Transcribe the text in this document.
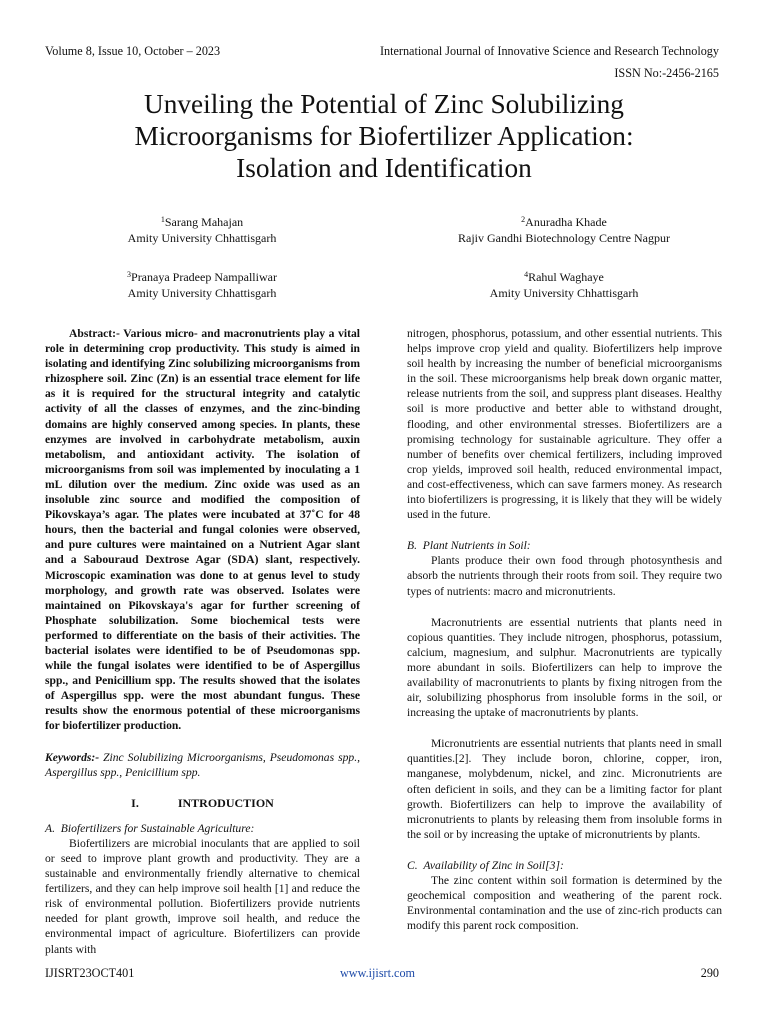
Volume 8, Issue 10, October – 2023	International Journal of Innovative Science and Research Technology
ISSN No:-2456-2165
Unveiling the Potential of Zinc Solubilizing
Microorganisms for Biofertilizer Application:
Isolation and Identification
$^1$Sarang Mahajan
Amity University Chhattisgarh
$^2$Anuradha Khade
Rajiv Gandhi Biotechnology Centre Nagpur
$^3$Pranaya Pradeep Nampalliwar
Amity University Chhattisgarh
$^4$Rahul Waghaye
Amity University Chhattisgarh

Abstract:- Various micro- and macronutrients play a vital role in determining crop productivity. This study is aimed in isolating and identifying Zinc solubilizing microorganisms from rhizosphere soil. Zinc (Zn) is an essential trace element for life as it is required for the structural integrity and catalytic activity of all the classes of enzymes, and the zinc-binding domains are highly conserved among species. In plants, these enzymes are involved in carbohydrate metabolism, auxin metabolism, and antioxidant activity. The isolation of microorganisms from soil was implemented by inoculating a 1 mL dilution over the medium. Zinc oxide was used as an insoluble zinc source and modified the composition of Pikovskaya’s agar. The plates were incubated at 37˚C for 48 hours, then the bacterial and fungal colonies were observed, and pure cultures were maintained on a Nutrient Agar slant and a Sabouraud Dextrose Agar (SDA) slant, respectively. Microscopic examination was done to at genus level to study morphology, and growth rate was observed. Isolates were maintained on Pikovskaya's agar for further screening of Phosphate solubilization. Some biochemical tests were performed to differentiate on the basis of their activities. The bacterial isolates were identified to be of Pseudomonas spp. while the fungal isolates were identified to be of Aspergillus spp., and Penicillium spp. The results showed that the isolates of Aspergillus spp. were the most abundant fungus. These results show the enormous potential of these microorganisms for biofertilizer production.

Keywords:- Zinc Solubilizing Microorganisms, Pseudomonas spp., Aspergillus spp., Penicillium spp.

I.             INTRODUCTION

A.  Biofertilizers for Sustainable Agriculture:

Biofertilizers are microbial inoculants that are applied to soil or seed to improve plant growth and productivity. They are a sustainable and environmentally friendly alternative to chemical fertilizers, and they can help improve soil health [1] and reduce the risk of environmental pollution. Biofertilizers provide nutrients needed for plant growth, improve soil health, and reduce the environmental impact of agriculture. Biofertilizers can provide plants with

nitrogen, phosphorus, potassium, and other essential nutrients. This helps improve crop yield and quality. Biofertilizers help improve soil health by increasing the number of beneficial microorganisms in the soil. These microorganisms help break down organic matter, release nutrients from the soil, and suppress plant diseases. Healthy soil is more productive and better able to withstand drought, flooding, and other environmental stresses. Biofertilizers are a promising technology for sustainable agriculture. They offer a number of benefits over chemical fertilizers, including improved crop yields, improved soil health, reduced environmental impact, and cost-effectiveness, which can save farmers money. As research into biofertilizers is progressing, it is likely that they will be widely used in the future.

B.  Plant Nutrients in Soil:

Plants produce their own food through photosynthesis and absorb the nutrients through their roots from soil. They require two types of nutrients: macro and micronutrients.

Macronutrients are essential nutrients that plants need in copious quantities. They include nitrogen, phosphorus, potassium, calcium, magnesium, and sulphur. Macronutrients are typically more abundant in soils. Biofertilizers can help to improve the availability of macronutrients to plants by fixing nitrogen from the air, solubilizing phosphorus from insoluble forms in the soil, or increasing the uptake of macronutrients by plants.

Micronutrients are essential nutrients that plants need in small quantities.[2]. They include boron, chlorine, copper, iron, manganese, molybdenum, nickel, and zinc. Micronutrients are often deficient in soils, and they can be a limiting factor for plant growth. Biofertilizers can help to improve the availability of micronutrients to plants by releasing them from insoluble forms in the soil or by increasing the uptake of micronutrients by plants.

C.  Availability of Zinc in Soil[3]:

The zinc content within soil formation is determined by the geochemical composition and weathering of the parent rock. Environmental contamination and the use of zinc-rich products can modify this parent rock composition.

IJISRT23OCT401	www.ijisrt.com	290
